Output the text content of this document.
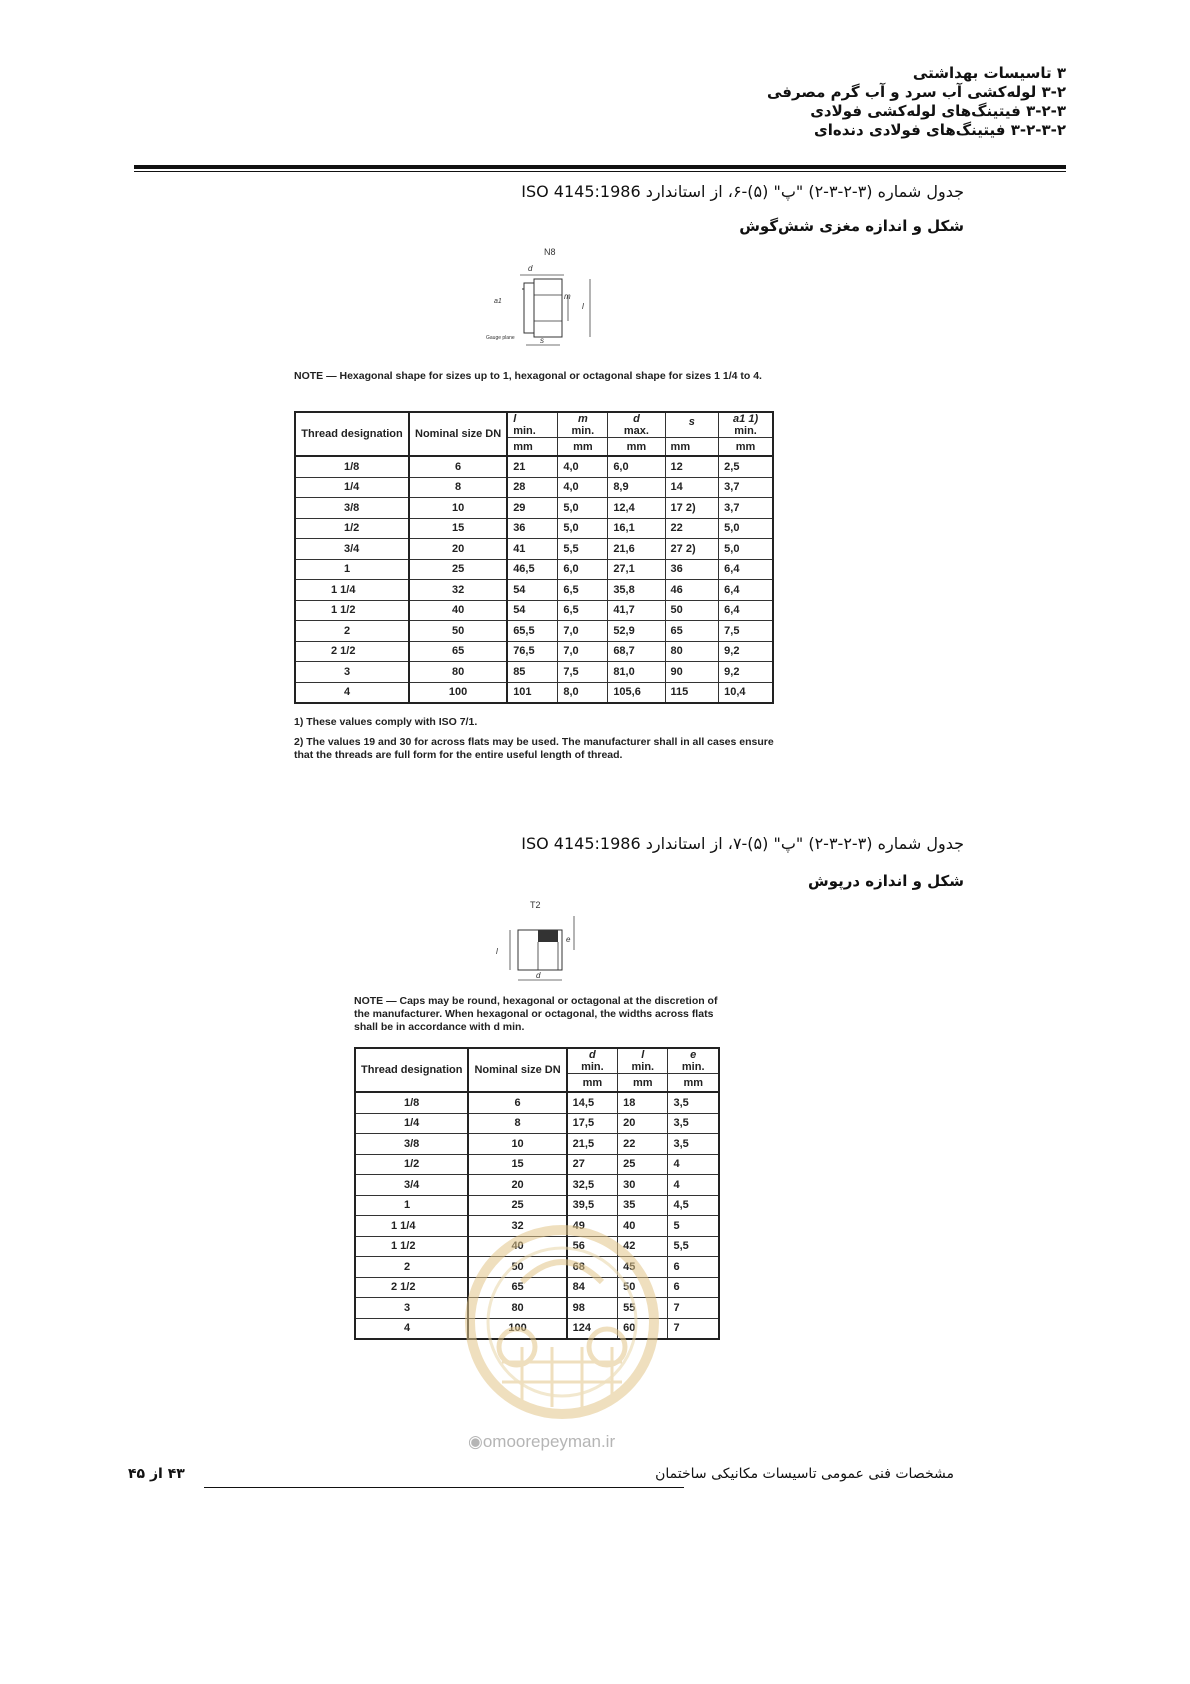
۳ تاسیسات بهداشتی
۳-۲ لوله‌کشی آب سرد و آب گرم مصرفی
۳-۲-۳ فیتینگ‌های لوله‌کشی فولادی
۳-۲-۳-۲ فیتینگ‌های فولادی دنده‌ای
جدول شماره (۳-۲-۳-۲) "پ" (۵)-۶، از استاندارد ISO 4145:1986
شکل و اندازه مغزی شش‌گوش
N8
d
m
l
a1
s
Gauge plane
NOTE — Hexagonal shape for sizes up to 1, hexagonal or octagonal shape for sizes 1 1/4 to 4.
Thread designation	Nominal size DN	l
min.	m
min.	d
max.	s	a1 1)
min.
		mm	mm	mm	mm	mm
1/8	6	21	4,0	6,0	12	2,5
1/4	8	28	4,0	8,9	14	3,7
3/8	10	29	5,0	12,4	17 2)	3,7
1/2	15	36	5,0	16,1	22	5,0
3/4	20	41	5,5	21,6	27 2)	5,0
1	25	46,5	6,0	27,1	36	6,4
1 1/4	32	54	6,5	35,8	46	6,4
1 1/2	40	54	6,5	41,7	50	6,4
2	50	65,5	7,0	52,9	65	7,5
2 1/2	65	76,5	7,0	68,7	80	9,2
3	80	85	7,5	81,0	90	9,2
4	100	101	8,0	105,6	115	10,4
1) These values comply with ISO 7/1.
2) The values 19 and 30 for across flats may be used. The manufacturer shall in all cases ensure that the threads are full form for the entire useful length of thread.
جدول شماره (۳-۲-۳-۲) "پ" (۵)-۷، از استاندارد ISO 4145:1986
شکل و اندازه درپوش
T2
l
e
d
NOTE — Caps may be round, hexagonal or octagonal at the discretion of the manufacturer. When hexagonal or octagonal, the widths across flats shall be in accordance with d min.
Thread designation	Nominal size DN	d
min.	l
min.	e
min.
		mm	mm	mm
1/8	6	14,5	18	3,5
1/4	8	17,5	20	3,5
3/8	10	21,5	22	3,5
1/2	15	27	25	4
3/4	20	32,5	30	4
1	25	39,5	35	4,5
1 1/4	32	49	40	5
1 1/2	40	56	42	5,5
2	50	68	45	6
2 1/2	65	84	50	6
3	80	98	55	7
4	100	124	60	7
◉omoorepeyman.ir
مشخصات فنی عمومی تاسیسات مکانیکی ساختمان
۴۳ از ۴۵
